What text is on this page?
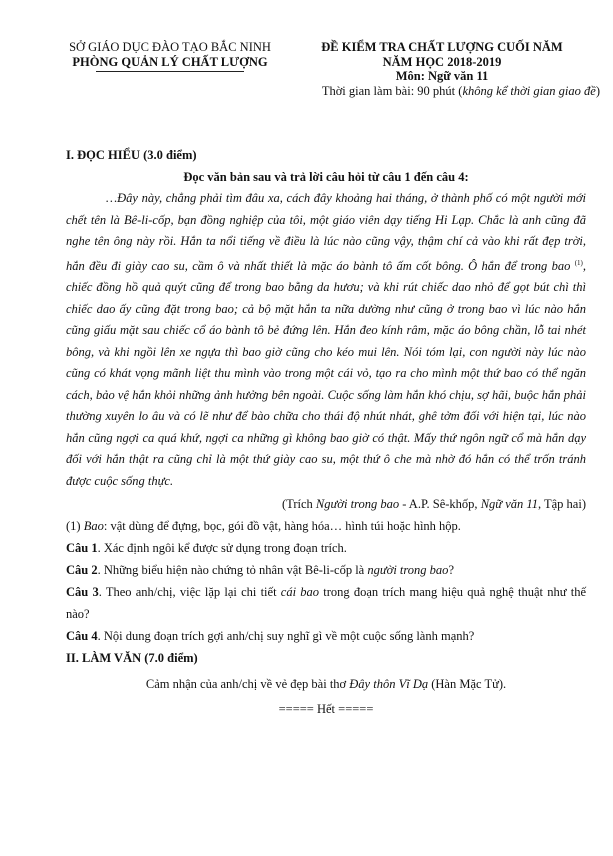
SỞ GIÁO DỤC ĐÀO TẠO BẮC NINH
PHÒNG QUẢN LÝ CHẤT LƯỢNG
ĐỀ KIỂM TRA CHẤT LƯỢNG CUỐI NĂM
NĂM HỌC 2018-2019
Môn: Ngữ văn 11
Thời gian làm bài: 90 phút (không kể thời gian giao đề)

I. ĐỌC HIỂU (3.0 điểm)

Đọc văn bản sau và trả lời câu hỏi từ câu 1 đến câu 4:

…Đây này, chẳng phải tìm đâu xa, cách đây khoảng hai tháng, ở thành phố có một người mới chết tên là Bê-li-cốp, bạn đồng nghiệp của tôi, một giáo viên dạy tiếng Hi Lạp. Chắc là anh cũng đã nghe tên ông này rồi. Hắn ta nổi tiếng về điều là lúc nào cũng vậy, thậm chí cả vào khi rất đẹp trời, hắn đều đi giày cao su, cầm ô và nhất thiết là mặc áo bành tô ấm cốt bông. Ô hắn để trong bao $^{(1)}$, chiếc đồng hồ quả quýt cũng để trong bao bằng da hươu; và khi rút chiếc dao nhỏ để gọt bút chì thì chiếc dao ấy cũng đặt trong bao; cả bộ mặt hắn ta nữa dường như cũng ở trong bao vì lúc nào hắn cũng giấu mặt sau chiếc cổ áo bành tô bẻ đứng lên. Hắn đeo kính râm, mặc áo bông chần, lỗ tai nhét bông, và khi ngồi lên xe ngựa thì bao giờ cũng cho kéo mui lên. Nói tóm lại, con người này lúc nào cũng có khát vọng mãnh liệt thu mình vào trong một cái vỏ, tạo ra cho mình một thứ bao có thể ngăn cách, bảo vệ hắn khỏi những ảnh hưởng bên ngoài. Cuộc sống làm hắn khó chịu, sợ hãi, buộc hắn phải thường xuyên lo âu và có lẽ như để bào chữa cho thái độ nhút nhát, ghê tởm đối với hiện tại, lúc nào hắn cũng ngợi ca quá khứ, ngợi ca những gì không bao giờ có thật. Mấy thứ ngôn ngữ cổ mà hắn dạy đối với hắn thật ra cũng chỉ là một thứ giày cao su, một thứ ô che mà nhờ đó hắn có thể trốn tránh được cuộc sống thực.

(Trích Người trong bao - A.P. Sê-khốp, Ngữ văn 11, Tập hai)

(1) Bao: vật dùng để đựng, bọc, gói đồ vật, hàng hóa… hình túi hoặc hình hộp.

Câu 1. Xác định ngôi kể được sử dụng trong đoạn trích.

Câu 2. Những biểu hiện nào chứng tỏ nhân vật Bê-li-cốp là người trong bao?

Câu 3. Theo anh/chị, việc lặp lại chi tiết cái bao trong đoạn trích mang hiệu quả nghệ thuật như thế nào?

Câu 4. Nội dung đoạn trích gợi anh/chị suy nghĩ gì về một cuộc sống lành mạnh?

II. LÀM VĂN (7.0 điểm)

Cảm nhận của anh/chị về vẻ đẹp bài thơ Đây thôn Vĩ Dạ (Hàn Mặc Tử).

===== Hết =====
